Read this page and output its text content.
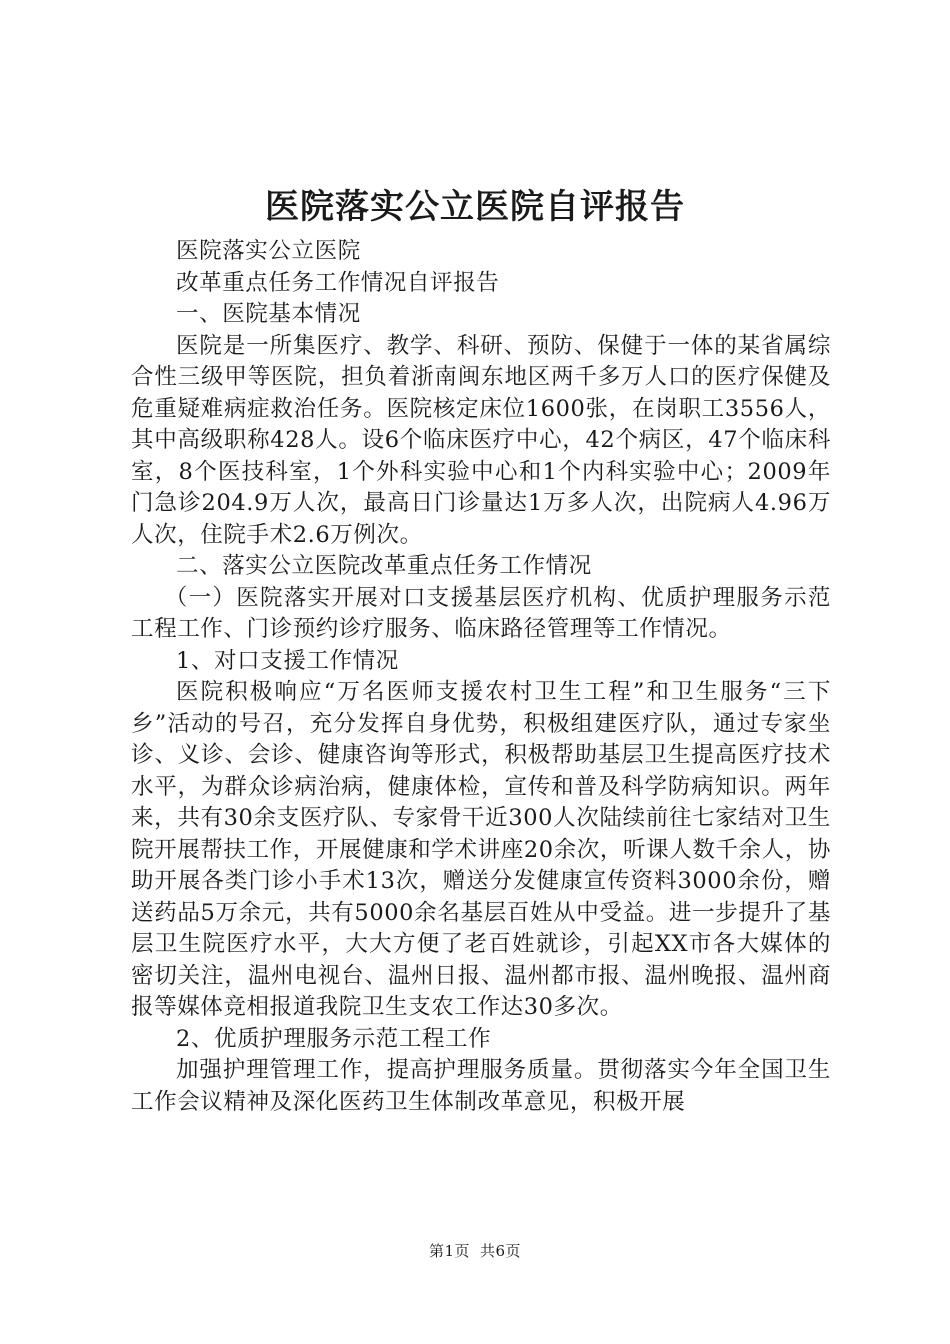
医院落实公立医院自评报告

医院落实公立医院

改革重点任务工作情况自评报告

一、医院基本情况

医院是一所集医疗、教学、科研、预防、保健于一体的某省属综合性三级甲等医院，担负着浙南闽东地区两千多万人口的医疗保健及危重疑难病症救治任务。医院核定床位1600张，在岗职工3556人，其中高级职称428人。设6个临床医疗中心，42个病区，47个临床科室，8个医技科室，1个外科实验中心和1个内科实验中心；2009年门急诊204.9万人次，最高日门诊量达1万多人次，出院病人4.96万人次，住院手术2.6万例次。

二、落实公立医院改革重点任务工作情况

（一）医院落实开展对口支援基层医疗机构、优质护理服务示范工程工作、门诊预约诊疗服务、临床路径管理等工作情况。

1、对口支援工作情况

医院积极响应“万名医师支援农村卫生工程”和卫生服务“三下乡”活动的号召，充分发挥自身优势，积极组建医疗队，通过专家坐诊、义诊、会诊、健康咨询等形式，积极帮助基层卫生提高医疗技术水平，为群众诊病治病，健康体检，宣传和普及科学防病知识。两年来，共有30余支医疗队、专家骨干近300人次陆续前往七家结对卫生院开展帮扶工作，开展健康和学术讲座20余次，听课人数千余人，协助开展各类门诊小手术13次，赠送分发健康宣传资料3000余份，赠送药品5万余元，共有5000余名基层百姓从中受益。进一步提升了基层卫生院医疗水平，大大方便了老百姓就诊，引起XX市各大媒体的密切关注，温州电视台、温州日报、温州都市报、温州晚报、温州商报等媒体竞相报道我院卫生支农工作达30多次。

2、优质护理服务示范工程工作

加强护理管理工作，提高护理服务质量。贯彻落实今年全国卫生工作会议精神及深化医药卫生体制改革意见，积极开展

第1页 共6页
